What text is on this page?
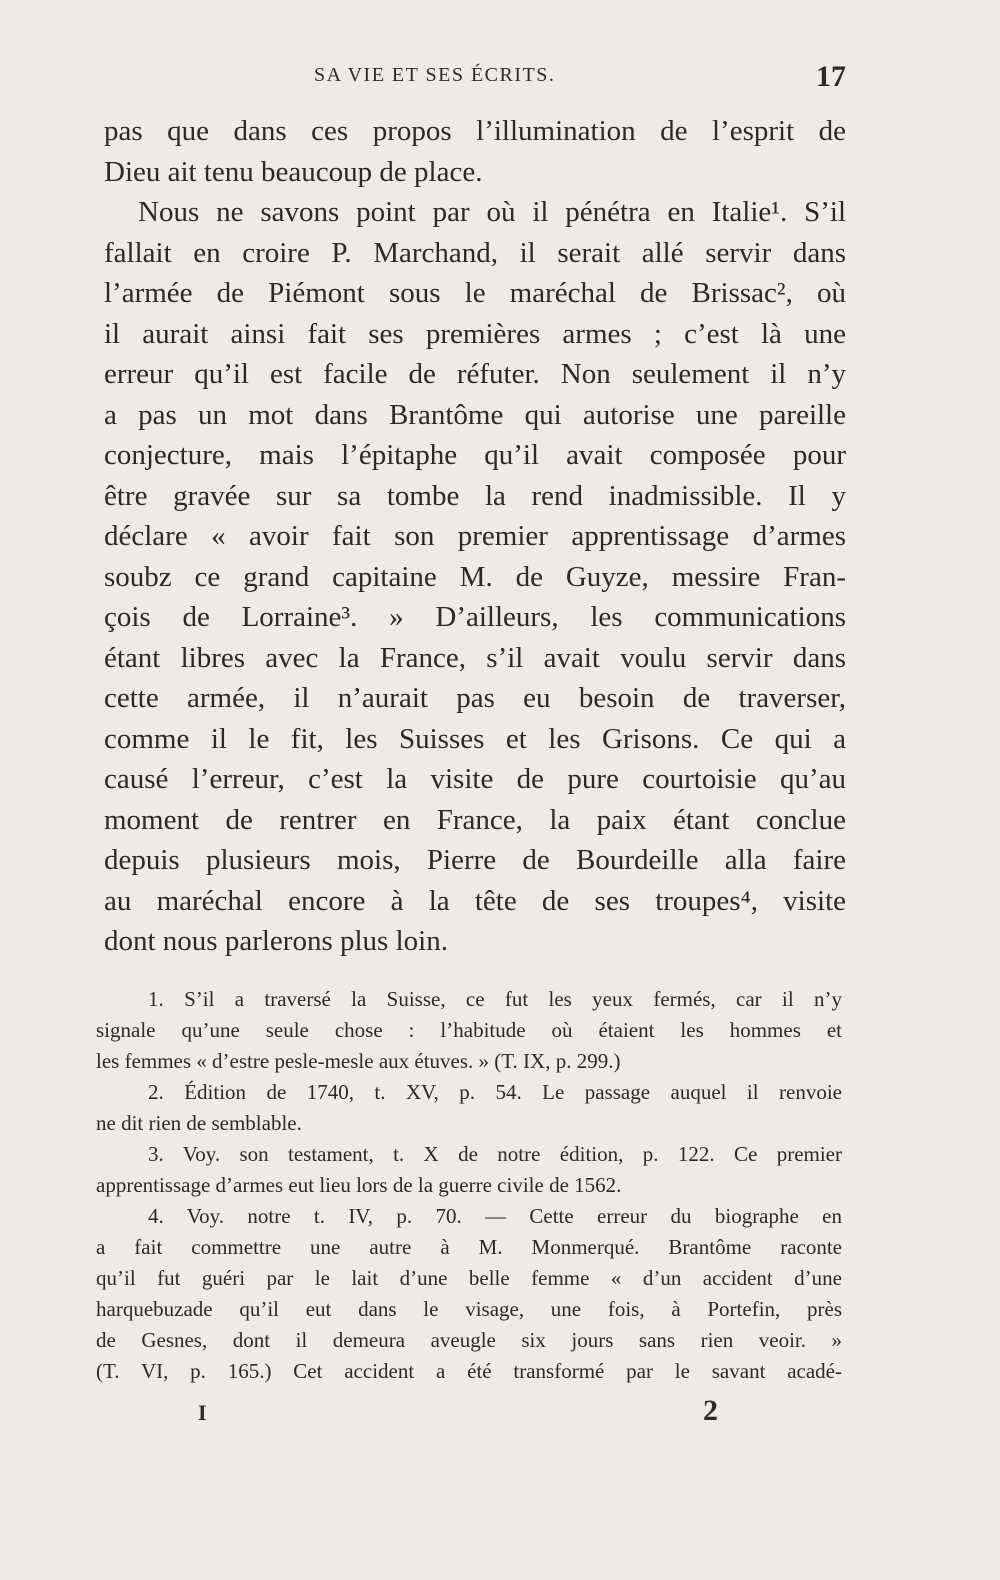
SA VIE ET SES ÉCRITS.	17
pas que dans ces propos l’illumination de l’esprit de
Dieu ait tenu beaucoup de place.
Nous ne savons point par où il pénétra en Italie¹. S’il
fallait en croire P. Marchand, il serait allé servir dans
l’armée de Piémont sous le maréchal de Brissac², où
il aurait ainsi fait ses premières armes ; c’est là une
erreur qu’il est facile de réfuter. Non seulement il n’y
a pas un mot dans Brantôme qui autorise une pareille
conjecture, mais l’épitaphe qu’il avait composée pour
être gravée sur sa tombe la rend inadmissible. Il y
déclare « avoir fait son premier apprentissage d’armes
soubz ce grand capitaine M. de Guyze, messire Fran-
çois de Lorraine³. » D’ailleurs, les communications
étant libres avec la France, s’il avait voulu servir dans
cette armée, il n’aurait pas eu besoin de traverser,
comme il le fit, les Suisses et les Grisons. Ce qui a
causé l’erreur, c’est la visite de pure courtoisie qu’au
moment de rentrer en France, la paix étant conclue
depuis plusieurs mois, Pierre de Bourdeille alla faire
au maréchal encore à la tête de ses troupes⁴, visite
dont nous parlerons plus loin.
1. S’il a traversé la Suisse, ce fut les yeux fermés, car il n’y
signale qu’une seule chose : l’habitude où étaient les hommes et
les femmes « d’estre pesle-mesle aux étuves. » (T. IX, p. 299.)
2. Édition de 1740, t. XV, p. 54. Le passage auquel il renvoie
ne dit rien de semblable.
3. Voy. son testament, t. X de notre édition, p. 122. Ce premier
apprentissage d’armes eut lieu lors de la guerre civile de 1562.
4. Voy. notre t. IV, p. 70. — Cette erreur du biographe en
a fait commettre une autre à M. Monmerqué. Brantôme raconte
qu’il fut guéri par le lait d’une belle femme « d’un accident d’une
harquebuzade qu’il eut dans le visage, une fois, à Portefin, près
de Gesnes, dont il demeura aveugle six jours sans rien veoir. »
(T. VI, p. 165.) Cet accident a été transformé par le savant acadé-
I	2
